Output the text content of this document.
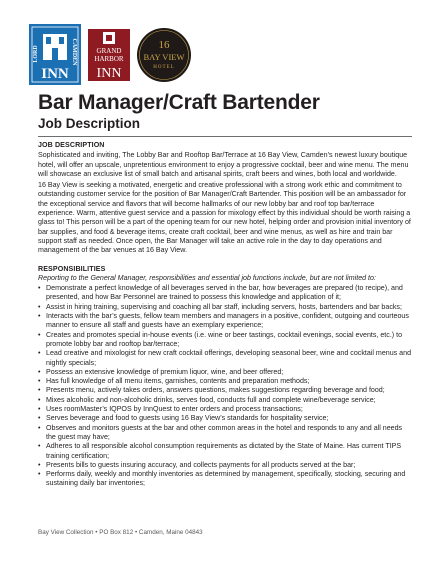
LORD	CAMDEN
INN
GRAND
HARBOR
INN
16
BAY VIEW
HOTEL
Bar Manager/Craft Bartender
Job Description
JOB DESCRIPTION

Sophisticated and inviting, The Lobby Bar and Rooftop Bar/Terrace at 16 Bay View, Camden’s newest luxury boutique hotel, will offer an upscale, unpretentious environment to enjoy a progressive cocktail, beer and wine menu. The menu will showcase an exclusive list of small batch and artisanal spirits, craft beers and wines, both local and worldwide.

16 Bay View is seeking a motivated, energetic and creative professional with a strong work ethic and commitment to outstanding customer service for the position of Bar Manager/Craft Bartender. This position will be an ambassador for the exceptional service and flavors that will become hallmarks of our new lobby bar and roof top bar/terrace experience. Warm, attentive guest service and a passion for mixology effect by this individual should be worth raising a glass to! This person will be a part of the opening team for our new hotel, helping order and provision initial inventory of bar supplies, and food & beverage items, create craft cocktail, beer and wine menus, as well as hire and train bar support staff as needed. Once open, the Bar Manager will take an active role in the day to day operations and management of the bar venues at 16 Bay View.

RESPONSIBILITIES

Reporting to the General Manager, responsibilities and essential job functions include, but are not limited to:

• Demonstrate a perfect knowledge of all beverages served in the bar, how beverages are prepared (to recipe), and presented, and how Bar Personnel are trained to possess this knowledge and application of it;
• Assist in hiring training, supervising and coaching all bar staff, including servers, hosts, bartenders and bar backs;
• Interacts with the bar’s guests, fellow team members and managers in a positive, confident, outgoing and courteous manner to ensure all staff and guests have an exemplary experience;
• Creates and promotes special in-house events (i.e. wine or beer tastings, cocktail evenings, social events, etc.) to promote lobby bar and rooftop bar/terrace;
• Lead creative and mixologist for new craft cocktail offerings, developing seasonal beer, wine and cocktail menus and nightly specials;
• Possess an extensive knowledge of premium liquor, wine, and beer offered;
• Has full knowledge of all menu items, garnishes, contents and preparation methods;
• Presents menu, actively takes orders, answers questions, makes suggestions regarding beverage and food;
• Mixes alcoholic and non-alcoholic drinks, serves food, conducts full and complete wine/beverage service;
• Uses roomMaster’s IQPOS by InnQuest to enter orders and process transactions;
• Serves beverage and food to guests using 16 Bay View’s standards for hospitality service;
• Observes and monitors guests at the bar and other common areas in the hotel and responds to any and all needs the guest may have;
• Adheres to all responsible alcohol consumption requirements as dictated by the State of Maine. Has current TIPS training certification;
• Presents bills to guests insuring accuracy, and collects payments for all products served at the bar;
• Performs daily, weekly and monthly inventories as determined by management, specifically, stocking, securing and sustaining daily bar inventories;
Bay View Collection • PO Box 812 • Camden, Maine 04843
